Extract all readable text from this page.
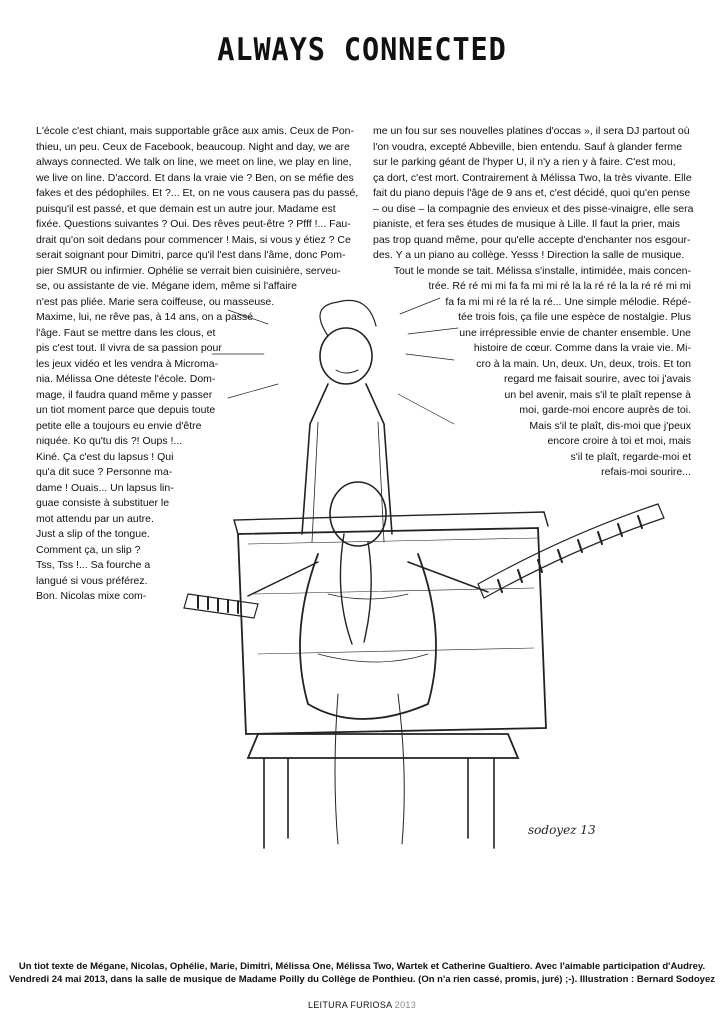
ALWAYS CONNECTED
L'école c'est chiant, mais supportable grâce aux amis. Ceux de Pon-
thieu, un peu. Ceux de Facebook, beaucoup. Night and day, we are
always connected. We talk on line, we meet on line, we play en line,
we live on line. D'accord. Et dans la vraie vie ? Ben, on se méfie des
fakes et des pédophiles. Et ?... Et, on ne vous causera pas du passé,
puisqu'il est passé, et que demain est un autre jour. Madame est
fixée. Questions suivantes ? Oui. Des rêves peut-être ? Pfff !... Fau-
drait qu'on soit dedans pour commencer ! Mais, si vous y étiez ? Ce
serait soignant pour Dimitri, parce qu'il l'est dans l'âme, donc Pom-
pier SMUR ou infirmier. Ophélie se verrait bien cuisinière, serveu-
se, ou assistante de vie. Mégane idem, même si l'affaire
n'est pas pliée. Marie sera coiffeuse, ou masseuse.
Maxime, lui, ne rêve pas, à 14 ans, on a passé
l'âge. Faut se mettre dans les clous, et
pis c'est tout. Il vivra de sa passion pour
les jeux vidéo et les vendra à Microma-
nia. Mélissa One déteste l'école. Dom-
mage, il faudra quand même y passer
un tiot moment parce que depuis toute
petite elle a toujours eu envie d'être
niquée. Ko qu'tu dis ?! Oups !...
Kiné. Ça c'est du lapsus ! Qui
qu'a dit suce ? Personne ma-
dame ! Ouais... Un lapsus lin-
guae consiste à substituer le
mot attendu par un autre.
Just a slip of the tongue.
Comment ça, un slip ?
Tss, Tss !... Sa fourche a
langué si vous préférez.
Bon. Nicolas mixe com-
me un fou sur ses nouvelles platines d'occas », il sera DJ partout où
l'on voudra, excepté Abbeville, bien entendu. Sauf à glander ferme
sur le parking géant de l'hyper U, il n'y a rien y à faire. C'est mou,
ça dort, c'est mort. Contrairement à Mélissa Two, la très vivante. Elle
fait du piano depuis l'âge de 9 ans et, c'est décidé, quoi qu'en pense
– ou dise – la compagnie des envieux et des pisse-vinaigre, elle sera
pianiste, et fera ses études de musique à Lille. Il faut la prier, mais
pas trop quand même, pour qu'elle accepte d'enchanter nos esgour-
des. Y a un piano au collège. Yesss ! Direction la salle de musique.
Tout le monde se tait. Mélissa s'installe, intimidée, mais concen-
trée. Ré ré mi mi fa fa mi mi ré la la ré ré la la ré ré mi mi
fa fa mi mi ré la ré la ré... Une simple mélodie. Répé-
tée trois fois, ça file une espèce de nostalgie. Plus
une irrépressible envie de chanter ensemble. Une
histoire de cœur. Comme dans la vraie vie. Mi-
cro à la main. Un, deux. Un, deux, trois. Et ton
regard me faisait sourire, avec toi j'avais
un bel avenir, mais s'il te plaît repense à
moi, garde-moi encore auprès de toi.
Mais s'il te plaît, dis-moi que j'peux
encore croire à toi et moi, mais
s'il te plaît, regarde-moi et
refais-moi sourire...
sodoyez 13
Un tiot texte de Mégane, Nicolas, Ophélie, Marie, Dimitri, Mélissa One, Mélissa Two, Wartek et Catherine Gualtiero. Avec l'aimable participation d'Audrey.
Vendredi 24 mai 2013, dans la salle de musique de Madame Poilly du Collège de Ponthieu. (On n'a rien cassé, promis, juré) ;-). Illustration : Bernard Sodoyez
LEITURA FURIOSA 2013
